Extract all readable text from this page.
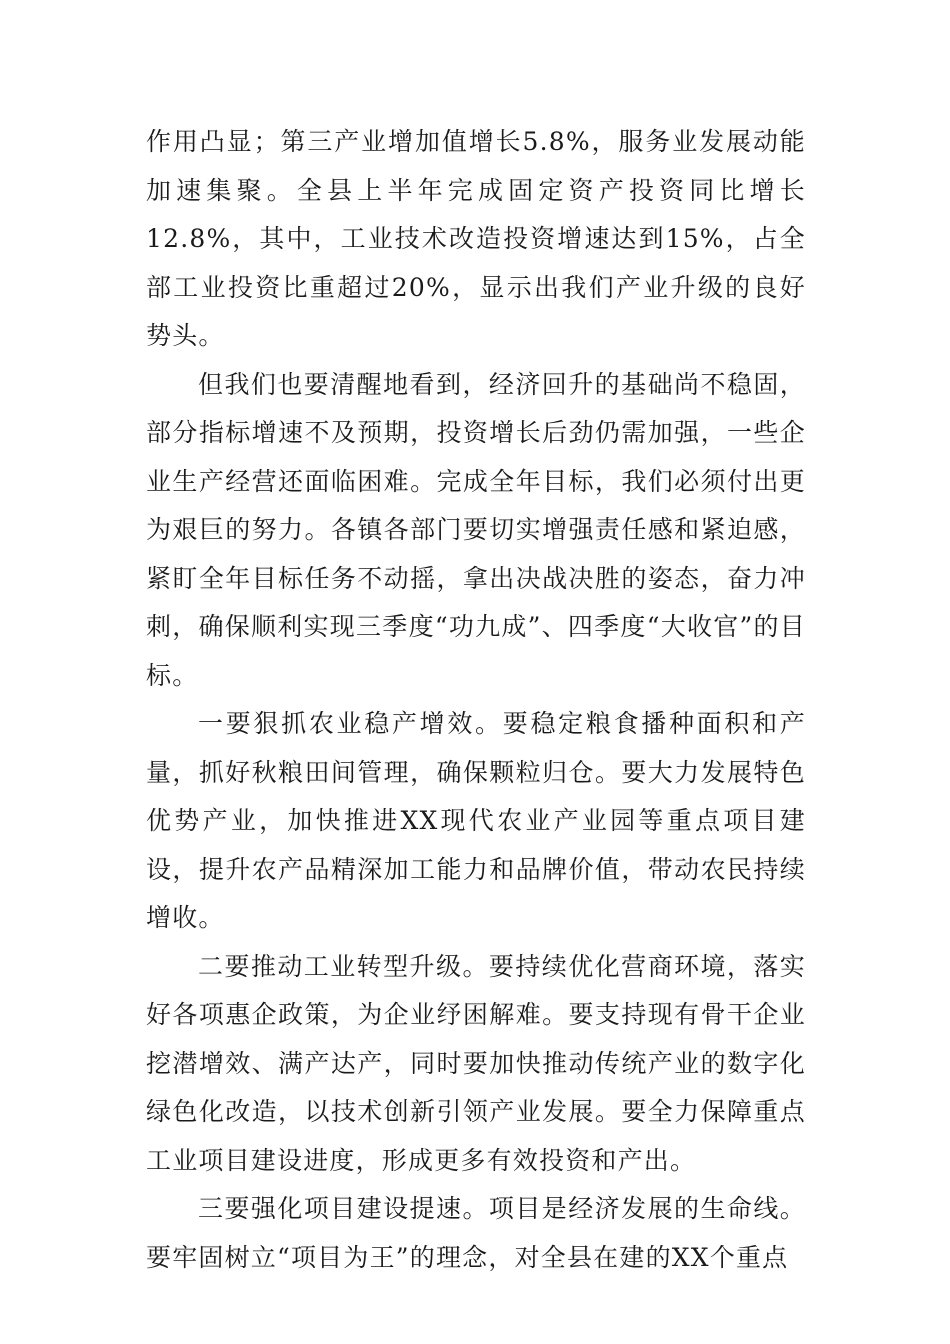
作用凸显；第三产业增加值增长5.8%，服务业发展动能加速集聚。全县上半年完成固定资产投资同比增长12.8%，其中，工业技术改造投资增速达到15%，占全部工业投资比重超过20%，显示出我们产业升级的良好势头。

但我们也要清醒地看到，经济回升的基础尚不稳固，部分指标增速不及预期，投资增长后劲仍需加强，一些企业生产经营还面临困难。完成全年目标，我们必须付出更为艰巨的努力。各镇各部门要切实增强责任感和紧迫感，紧盯全年目标任务不动摇，拿出决战决胜的姿态，奋力冲刺，确保顺利实现三季度“功九成”、四季度“大收官”的目标。

一要狠抓农业稳产增效。要稳定粮食播种面积和产量，抓好秋粮田间管理，确保颗粒归仓。要大力发展特色优势产业，加快推进XX现代农业产业园等重点项目建设，提升农产品精深加工能力和品牌价值，带动农民持续增收。

二要推动工业转型升级。要持续优化营商环境，落实好各项惠企政策，为企业纾困解难。要支持现有骨干企业挖潜增效、满产达产，同时要加快推动传统产业的数字化绿色化改造，以技术创新引领产业发展。要全力保障重点工业项目建设进度，形成更多有效投资和产出。

三要强化项目建设提速。项目是经济发展的生命线。要牢固树立“项目为王”的理念，对全县在建的XX个重点
